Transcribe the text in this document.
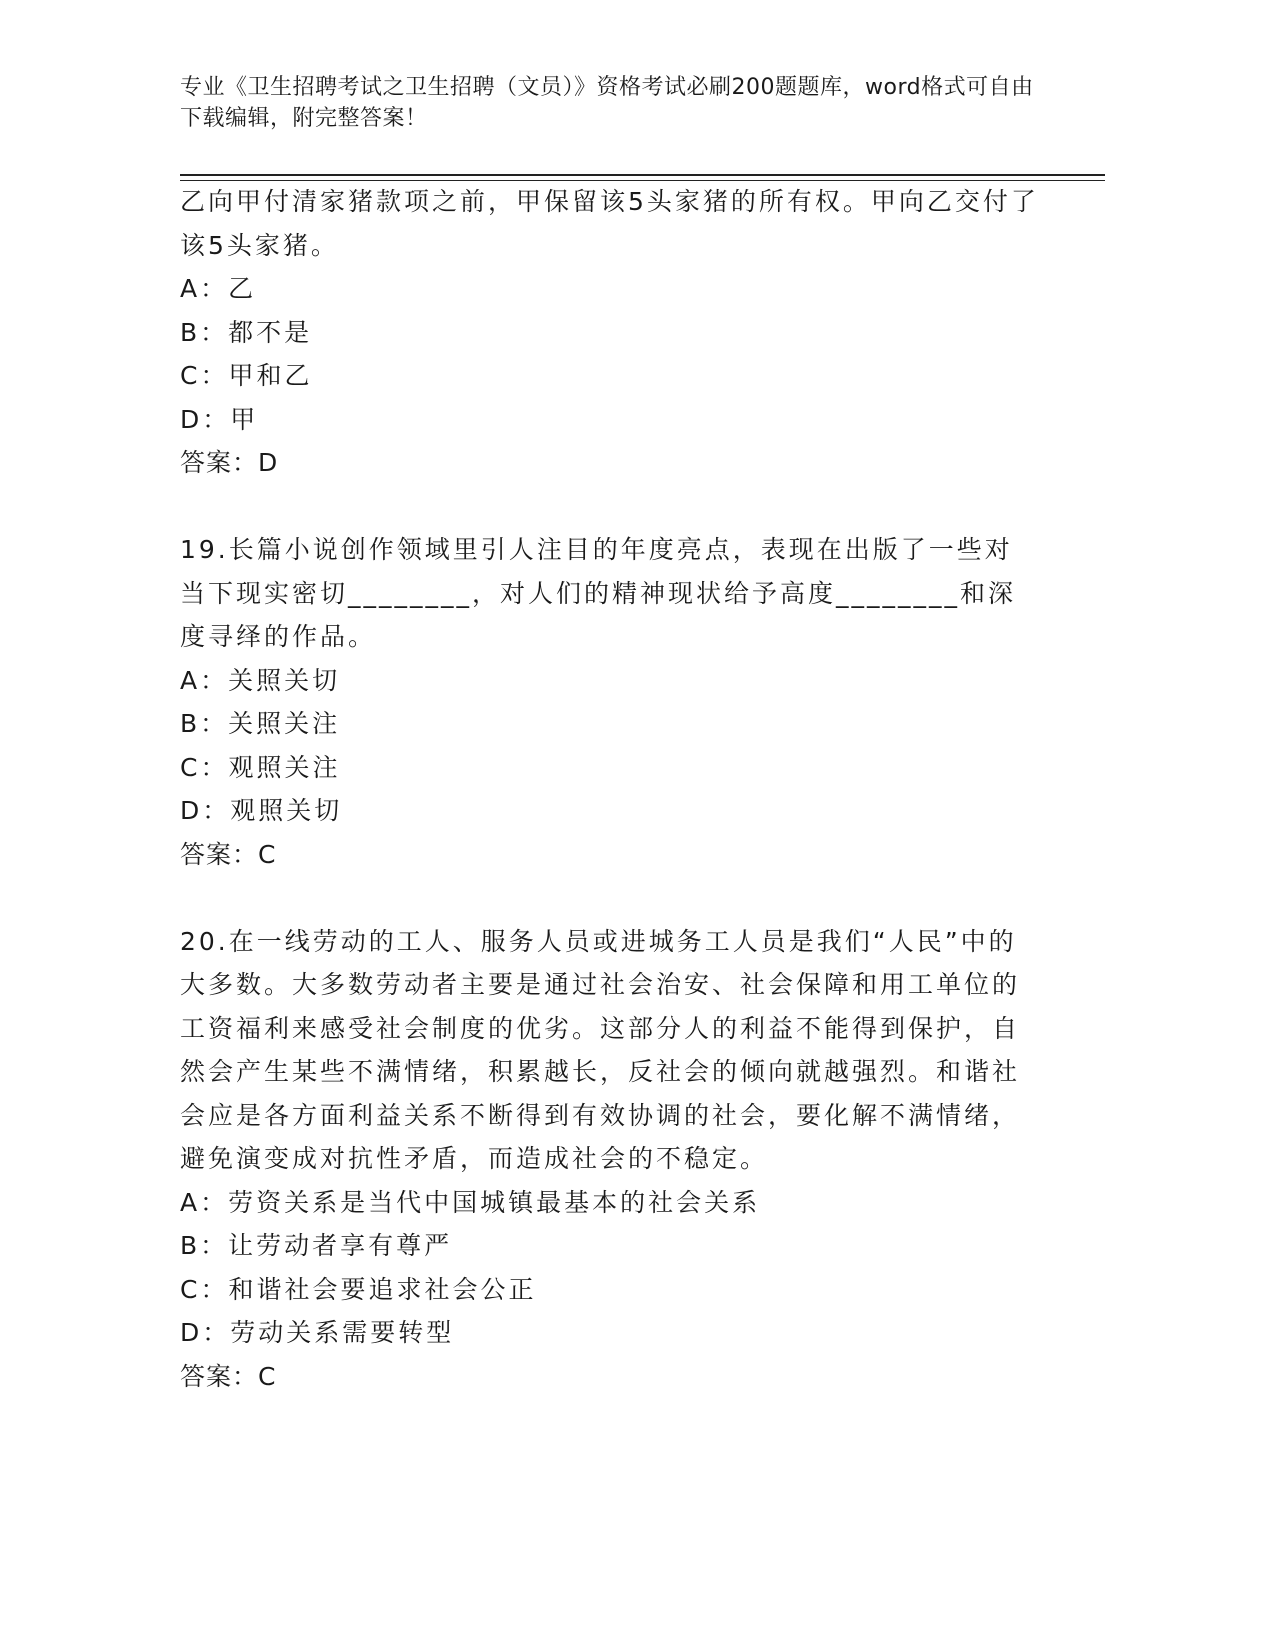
专业《卫生招聘考试之卫生招聘（文员）》资格考试必刷200题题库，word格式可自由下载编辑，附完整答案！

乙向甲付清家猪款项之前，甲保留该5头家猪的所有权。甲向乙交付了该5头家猪。

A：乙

B：都不是

C：甲和乙

D：甲

答案：D

19.长篇小说创作领域里引人注目的年度亮点，表现在出版了一些对当下现实密切________，对人们的精神现状给予高度________和深度寻绎的作品。

A：关照关切

B：关照关注

C：观照关注

D：观照关切

答案：C

20.在一线劳动的工人、服务人员或进城务工人员是我们“人民”中的大多数。大多数劳动者主要是通过社会治安、社会保障和用工单位的工资福利来感受社会制度的优劣。这部分人的利益不能得到保护，自然会产生某些不满情绪，积累越长，反社会的倾向就越强烈。和谐社会应是各方面利益关系不断得到有效协调的社会，要化解不满情绪，避免演变成对抗性矛盾，而造成社会的不稳定。

A：劳资关系是当代中国城镇最基本的社会关系

B：让劳动者享有尊严

C：和谐社会要追求社会公正

D：劳动关系需要转型

答案：C
